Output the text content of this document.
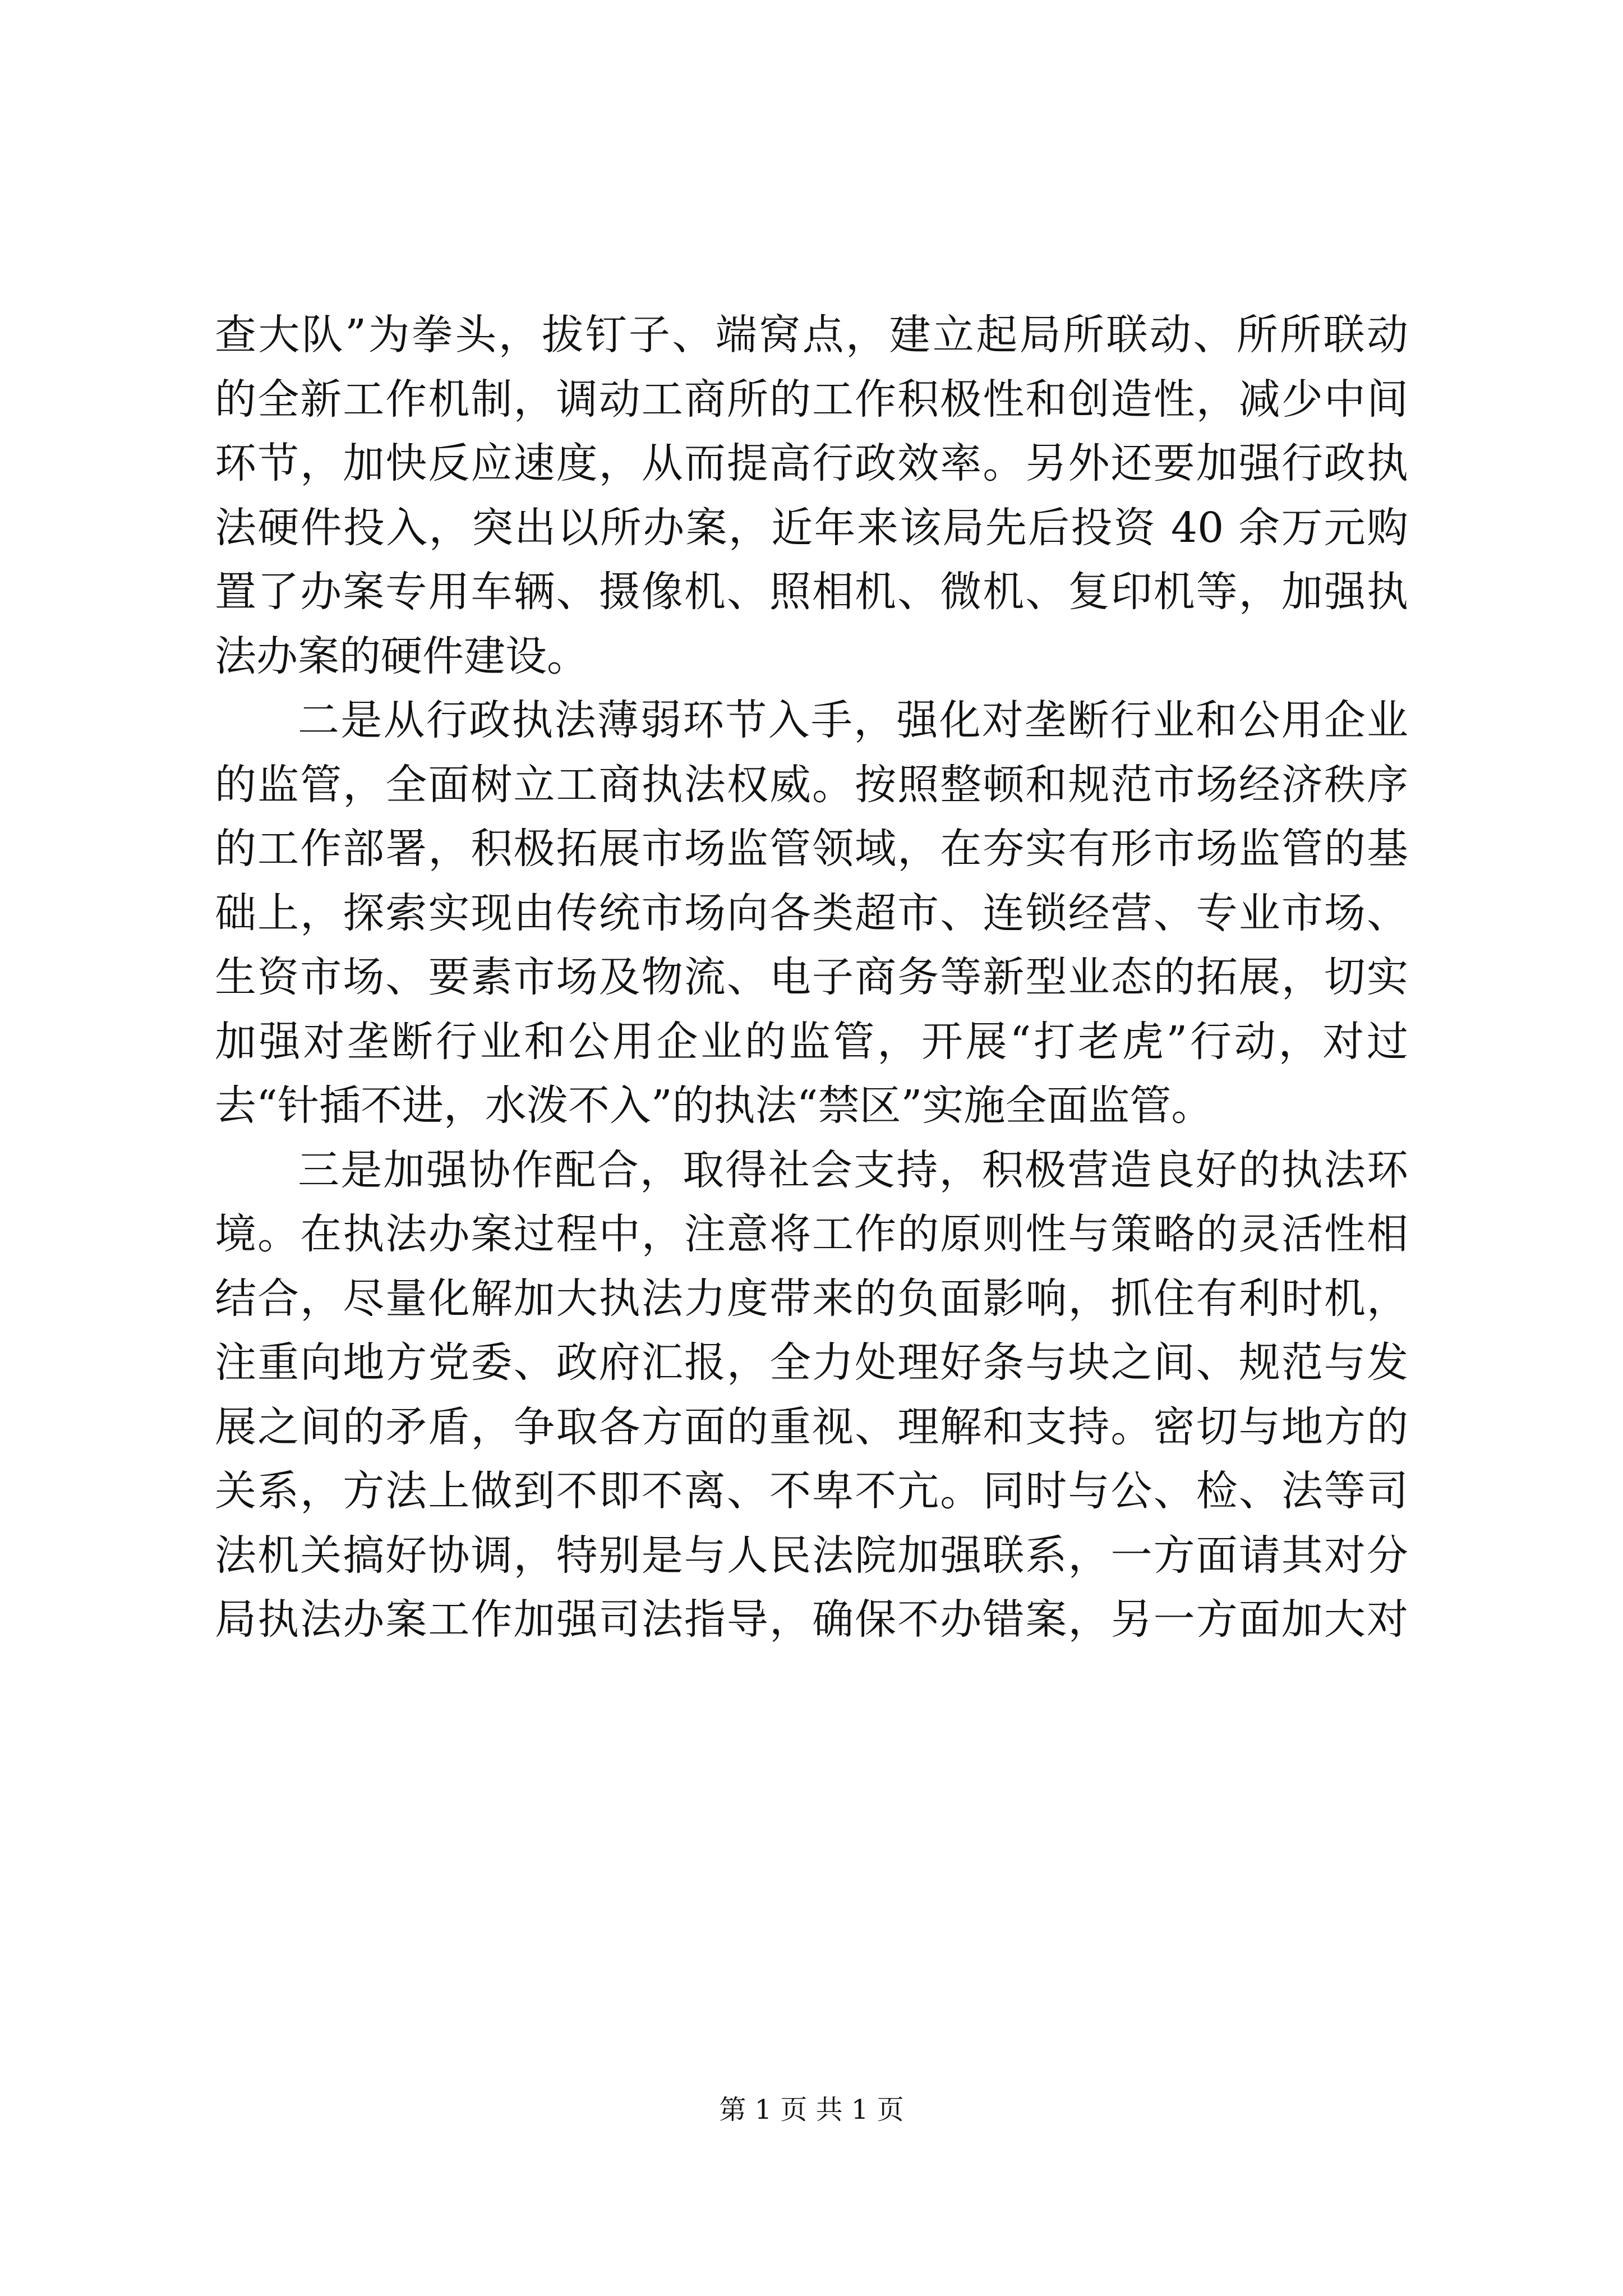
查大队”为拳头，拔钉子、端窝点，建立起局所联动、所所联动
的全新工作机制，调动工商所的工作积极性和创造性，减少中间
环节，加快反应速度，从而提高行政效率。另外还要加强行政执
法硬件投入，突出以所办案，近年来该局先后投资 40 余万元购
置了办案专用车辆、摄像机、照相机、微机、复印机等，加强执
法办案的硬件建设。
二是从行政执法薄弱环节入手，强化对垄断行业和公用企业
的监管，全面树立工商执法权威。按照整顿和规范市场经济秩序
的工作部署，积极拓展市场监管领域，在夯实有形市场监管的基
础上，探索实现由传统市场向各类超市、连锁经营、专业市场、
生资市场、要素市场及物流、电子商务等新型业态的拓展，切实
加强对垄断行业和公用企业的监管，开展“打老虎”行动，对过
去“针插不进，水泼不入”的执法“禁区”实施全面监管。
三是加强协作配合，取得社会支持，积极营造良好的执法环
境。在执法办案过程中，注意将工作的原则性与策略的灵活性相
结合，尽量化解加大执法力度带来的负面影响，抓住有利时机，
注重向地方党委、政府汇报，全力处理好条与块之间、规范与发
展之间的矛盾，争取各方面的重视、理解和支持。密切与地方的
关系，方法上做到不即不离、不卑不亢。同时与公、检、法等司
法机关搞好协调，特别是与人民法院加强联系，一方面请其对分
局执法办案工作加强司法指导，确保不办错案，另一方面加大对
第 1 页 共 1 页
